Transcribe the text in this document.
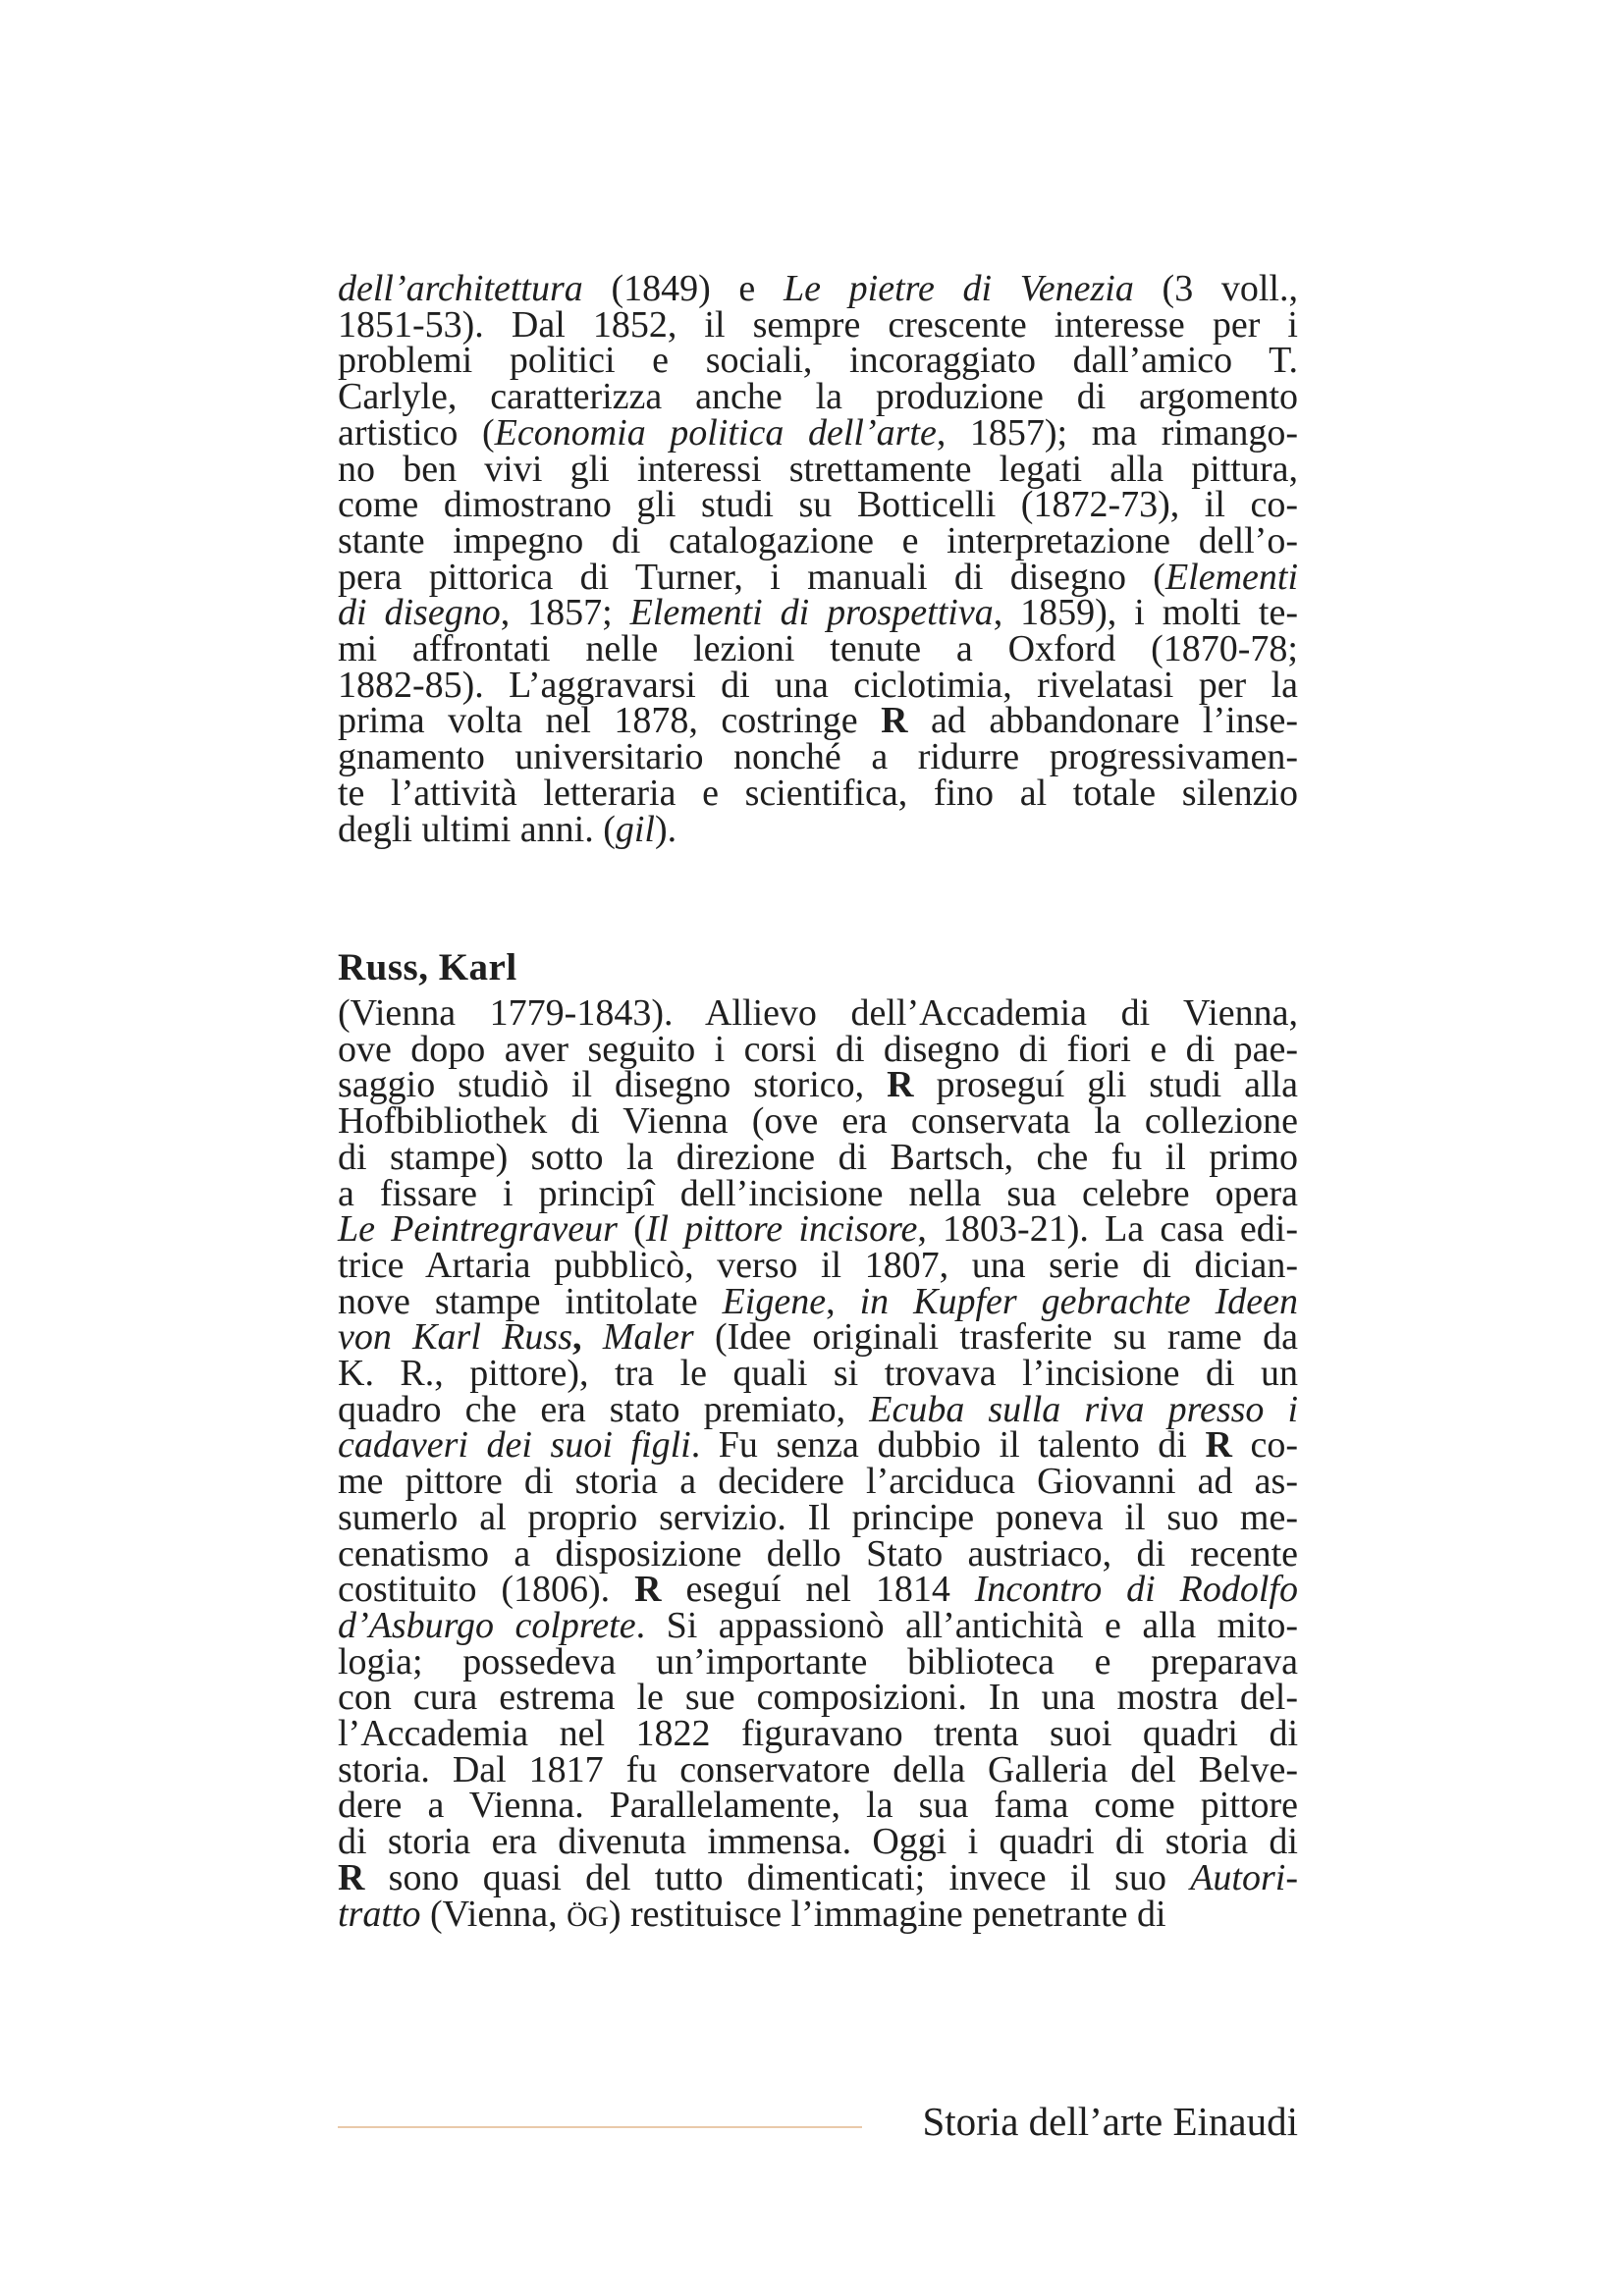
dell’architettura (1849) e Le pietre di Venezia (3 voll.,
1851-53). Dal 1852, il sempre crescente interesse per i
problemi politici e sociali, incoraggiato dall’amico T.
Carlyle, caratterizza anche la produzione di argomento
artistico (Economia politica dell’arte, 1857); ma rimango-
no ben vivi gli interessi strettamente legati alla pittura,
come dimostrano gli studi su Botticelli (1872-73), il co-
stante impegno di catalogazione e interpretazione dell’o-
pera pittorica di Turner, i manuali di disegno (Elementi
di disegno, 1857; Elementi di prospettiva, 1859), i molti te-
mi affrontati nelle lezioni tenute a Oxford (1870-78;
1882-85). L’aggravarsi di una ciclotimia, rivelatasi per la
prima volta nel 1878, costringe R ad abbandonare l’inse-
gnamento universitario nonché a ridurre progressivamen-
te l’attività letteraria e scientifica, fino al totale silenzio
degli ultimi anni. (gil).
Russ, Karl
(Vienna 1779-1843). Allievo dell’Accademia di Vienna,
ove dopo aver seguito i corsi di disegno di fiori e di pae-
saggio studiò il disegno storico, R proseguí gli studi alla
Hofbibliothek di Vienna (ove era conservata la collezione
di stampe) sotto la direzione di Bartsch, che fu il primo
a fissare i principî dell’incisione nella sua celebre opera
Le Peintregraveur (Il pittore incisore, 1803-21). La casa edi-
trice Artaria pubblicò, verso il 1807, una serie di dician-
nove stampe intitolate Eigene, in Kupfer gebrachte Ideen
von Karl Russ, Maler (Idee originali trasferite su rame da
K. R., pittore), tra le quali si trovava l’incisione di un
quadro che era stato premiato, Ecuba sulla riva presso i
cadaveri dei suoi figli. Fu senza dubbio il talento di R co-
me pittore di storia a decidere l’arciduca Giovanni ad as-
sumerlo al proprio servizio. Il principe poneva il suo me-
cenatismo a disposizione dello Stato austriaco, di recente
costituito (1806). R eseguí nel 1814 Incontro di Rodolfo
d’Asburgo colprete. Si appassionò all’antichità e alla mito-
logia; possedeva un’importante biblioteca e preparava
con cura estrema le sue composizioni. In una mostra del-
l’Accademia nel 1822 figuravano trenta suoi quadri di
storia. Dal 1817 fu conservatore della Galleria del Belve-
dere a Vienna. Parallelamente, la sua fama come pittore
di storia era divenuta immensa. Oggi i quadri di storia di
R sono quasi del tutto dimenticati; invece il suo Autori-
tratto (Vienna, ÖG) restituisce l’immagine penetrante di
Storia dell’arte Einaudi
